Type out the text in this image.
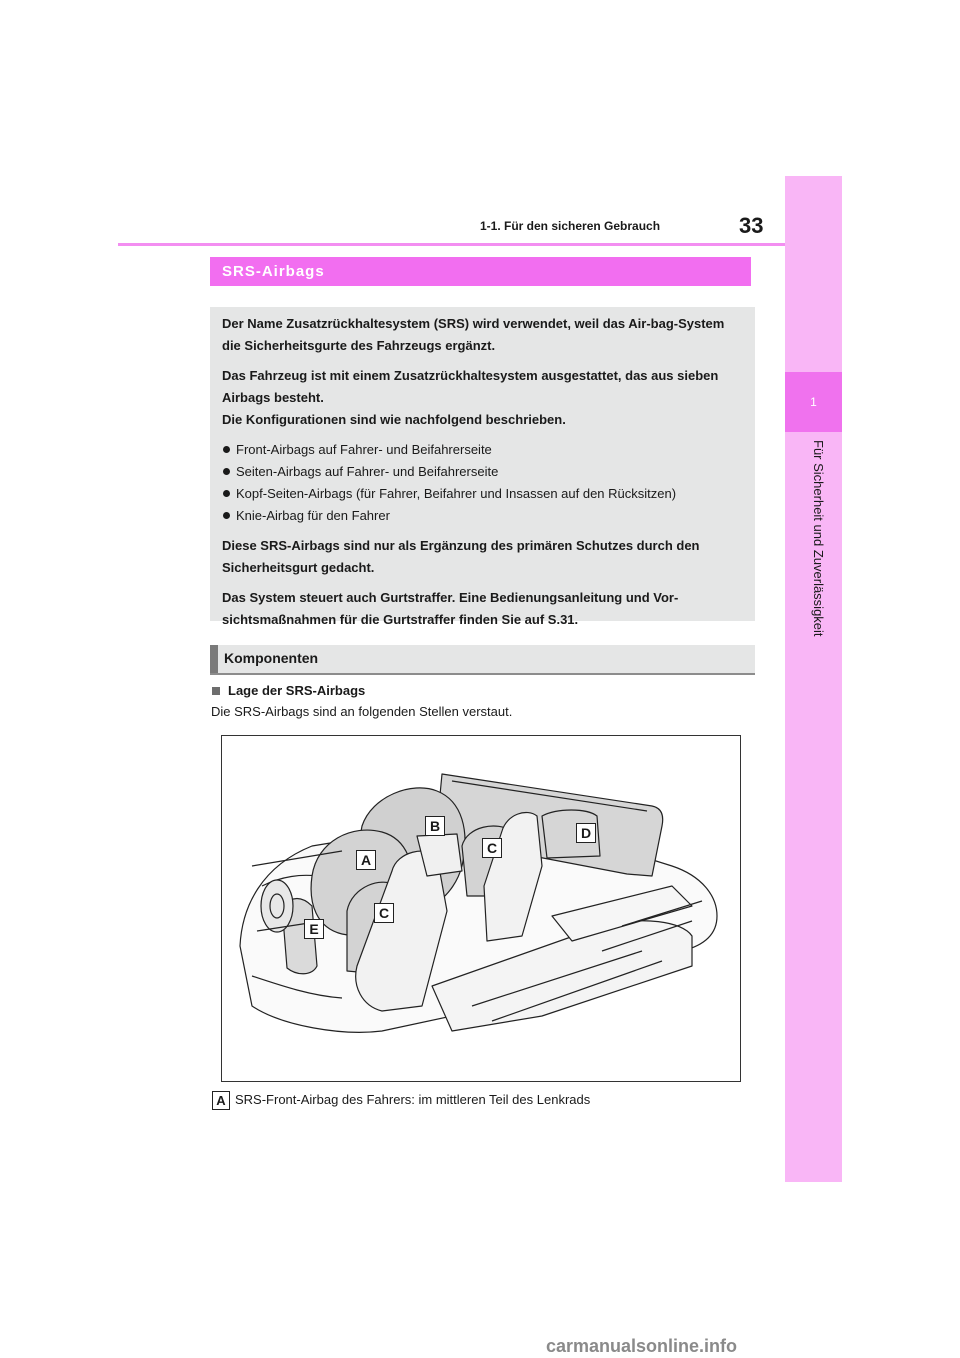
1
Für Sicherheit und Zuverlässigkeit
1-1. Für den sicheren Gebrauch	33
SRS-Airbags

Der Name Zusatzrückhaltesystem (SRS) wird verwendet, weil das Air-bag-System die Sicherheitsgurte des Fahrzeugs ergänzt.

Das Fahrzeug ist mit einem Zusatzrückhaltesystem ausgestattet, das aus sieben Airbags besteht.

Die Konfigurationen sind wie nachfolgend beschrieben.

Front-Airbags auf Fahrer- und Beifahrerseite
Seiten-Airbags auf Fahrer- und Beifahrerseite
Kopf-Seiten-Airbags (für Fahrer, Beifahrer und Insassen auf den Rücksitzen)
Knie-Airbag für den Fahrer

Diese SRS-Airbags sind nur als Ergänzung des primären Schutzes durch den Sicherheitsgurt gedacht.

Das System steuert auch Gurtstraffer. Eine Bedienungsanleitung und Vor-sichtsmaßnahmen für die Gurtstraffer finden Sie auf S.31.

Komponenten
Lage der SRS-Airbags
Die SRS-Airbags sind an folgenden Stellen verstaut.
B
A
C
D
C
E
A SRS-Front-Airbag des Fahrers: im mittleren Teil des Lenkrads
carmanualsonline.info
